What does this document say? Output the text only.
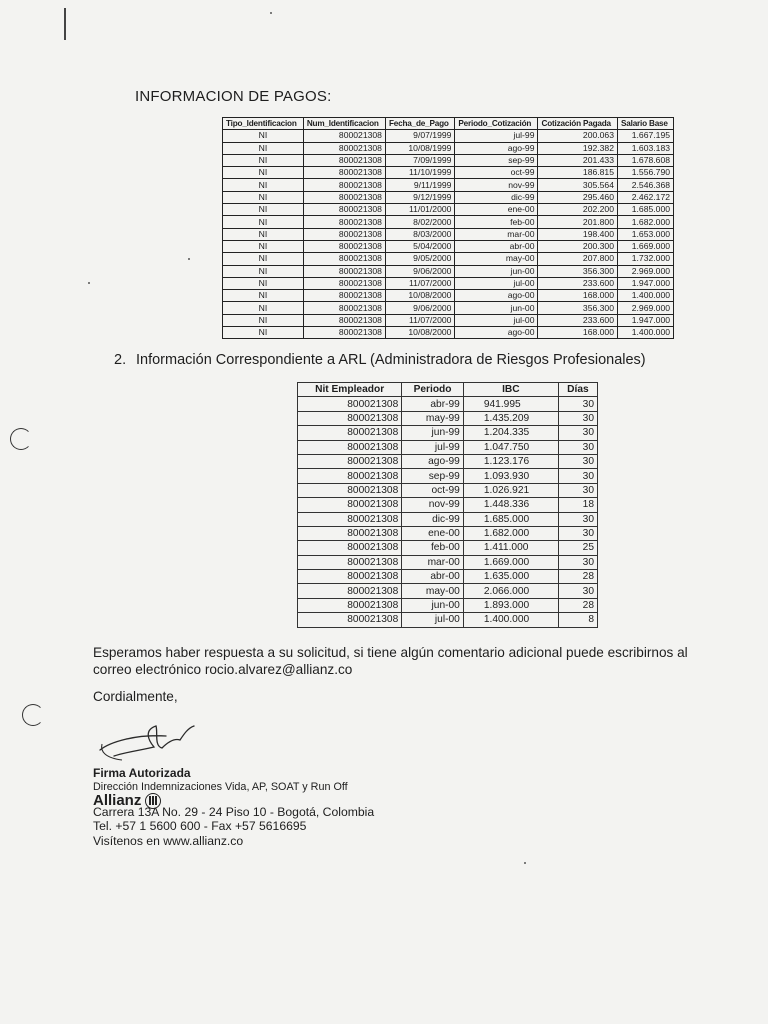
INFORMACION DE PAGOS:
Tipo_Identificacion	Num_Identificacion	Fecha_de_Pago	Periodo_Cotización	Cotización Pagada	Salario Base
NI	800021308	9/07/1999	jul-99	200.063	1.667.195
NI	800021308	10/08/1999	ago-99	192.382	1.603.183
NI	800021308	7/09/1999	sep-99	201.433	1.678.608
NI	800021308	11/10/1999	oct-99	186.815	1.556.790
NI	800021308	9/11/1999	nov-99	305.564	2.546.368
NI	800021308	9/12/1999	dic-99	295.460	2.462.172
NI	800021308	11/01/2000	ene-00	202.200	1.685.000
NI	800021308	8/02/2000	feb-00	201.800	1.682.000
NI	800021308	8/03/2000	mar-00	198.400	1.653.000
NI	800021308	5/04/2000	abr-00	200.300	1.669.000
NI	800021308	9/05/2000	may-00	207.800	1.732.000
NI	800021308	9/06/2000	jun-00	356.300	2.969.000
NI	800021308	11/07/2000	jul-00	233.600	1.947.000
NI	800021308	10/08/2000	ago-00	168.000	1.400.000
NI	800021308	9/06/2000	jun-00	356.300	2.969.000
NI	800021308	11/07/2000	jul-00	233.600	1.947.000
NI	800021308	10/08/2000	ago-00	168.000	1.400.000
2. Información Correspondiente a ARL (Administradora de Riesgos Profesionales)
Nit Empleador	Periodo	IBC	Días
800021308	abr-99	941.995	30
800021308	may-99	1.435.209	30
800021308	jun-99	1.204.335	30
800021308	jul-99	1.047.750	30
800021308	ago-99	1.123.176	30
800021308	sep-99	1.093.930	30
800021308	oct-99	1.026.921	30
800021308	nov-99	1.448.336	18
800021308	dic-99	1.685.000	30
800021308	ene-00	1.682.000	30
800021308	feb-00	1.411.000	25
800021308	mar-00	1.669.000	30
800021308	abr-00	1.635.000	28
800021308	may-00	2.066.000	30
800021308	jun-00	1.893.000	28
800021308	jul-00	1.400.000	8
Esperamos haber respuesta a su solicitud, si tiene algún comentario adicional puede escribirnos al
correo electrónico rocio.alvarez@allianz.co
Cordialmente,
Firma Autorizada
Dirección Indemnizaciones Vida, AP, SOAT y Run Off
Allianz
Carrera 13A No. 29 - 24 Piso 10 - Bogotá, Colombia
Tel. +57 1 5600 600 - Fax +57 5616695
Visítenos en www.allianz.co
